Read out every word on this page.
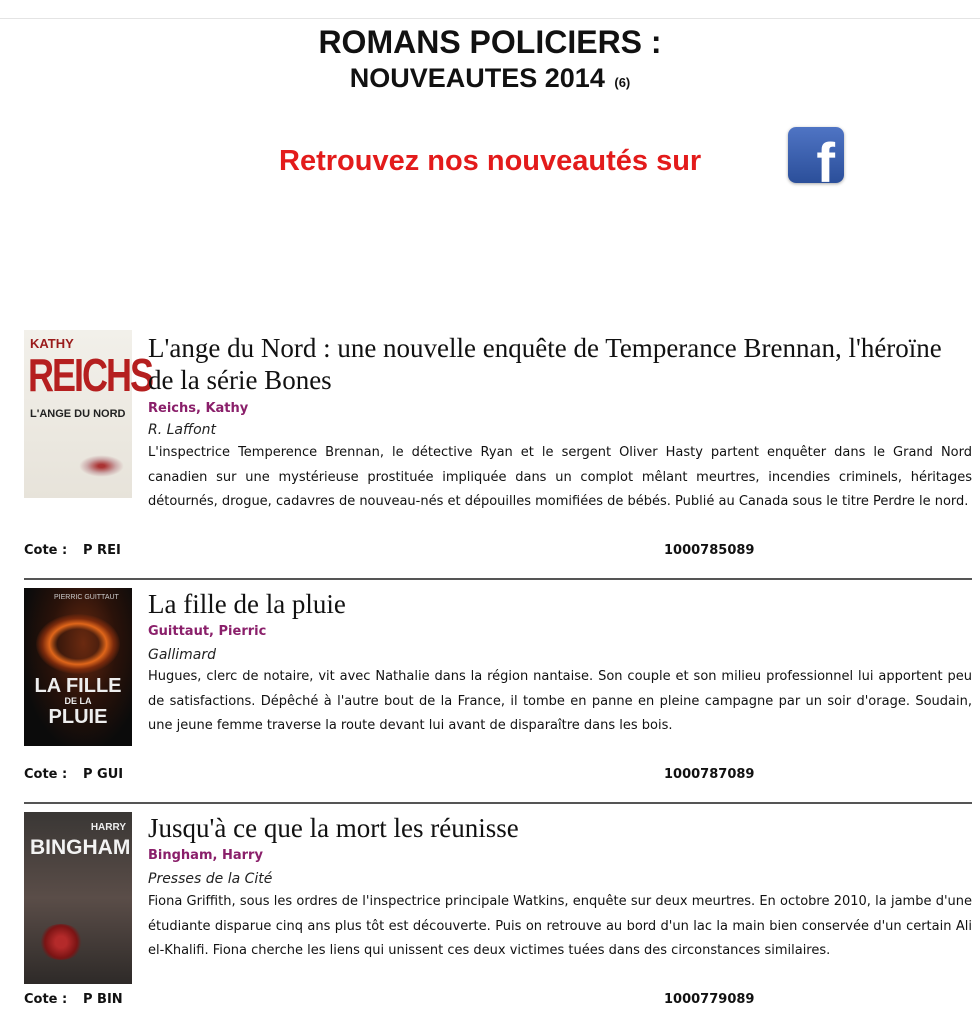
ROMANS POLICIERS :
NOUVEAUTES 2014 (6)
Retrouvez nos nouveautés sur f
KATHY
REICHS
L'ANGE DU NORD
L'ange du Nord : une nouvelle enquête de Temperance Brennan, l'héroïne de la série Bones
Reichs, Kathy
R. Laffont
L'inspectrice Temperence Brennan, le détective Ryan et le sergent Oliver Hasty partent enquêter dans le Grand Nord canadien sur une mystérieuse prostituée impliquée dans un complot mêlant meurtres, incendies criminels, héritages détournés, drogue, cadavres de nouveau-nés et dépouilles momifiées de bébés. Publié au Canada sous le titre Perdre le nord.
Cote : P REI	1000785089
PIERRIC GUITTAUT
LA FILLE
DE LA
PLUIE
La fille de la pluie
Guittaut, Pierric
Gallimard
Hugues, clerc de notaire, vit avec Nathalie dans la région nantaise. Son couple et son milieu professionnel lui apportent peu de satisfactions. Dépêché à l'autre bout de la France, il tombe en panne en pleine campagne par un soir d'orage. Soudain, une jeune femme traverse la route devant lui avant de disparaître dans les bois.
Cote : P GUI	1000787089
HARRY
BINGHAM
Jusqu'à ce que la mort les réunisse
Bingham, Harry
Presses de la Cité
Fiona Griffith, sous les ordres de l'inspectrice principale Watkins, enquête sur deux meurtres. En octobre 2010, la jambe d'une étudiante disparue cinq ans plus tôt est découverte. Puis on retrouve au bord d'un lac la main bien conservée d'un certain Ali el-Khalifi. Fiona cherche les liens qui unissent ces deux victimes tuées dans des circonstances similaires.
Cote : P BIN	1000779089
